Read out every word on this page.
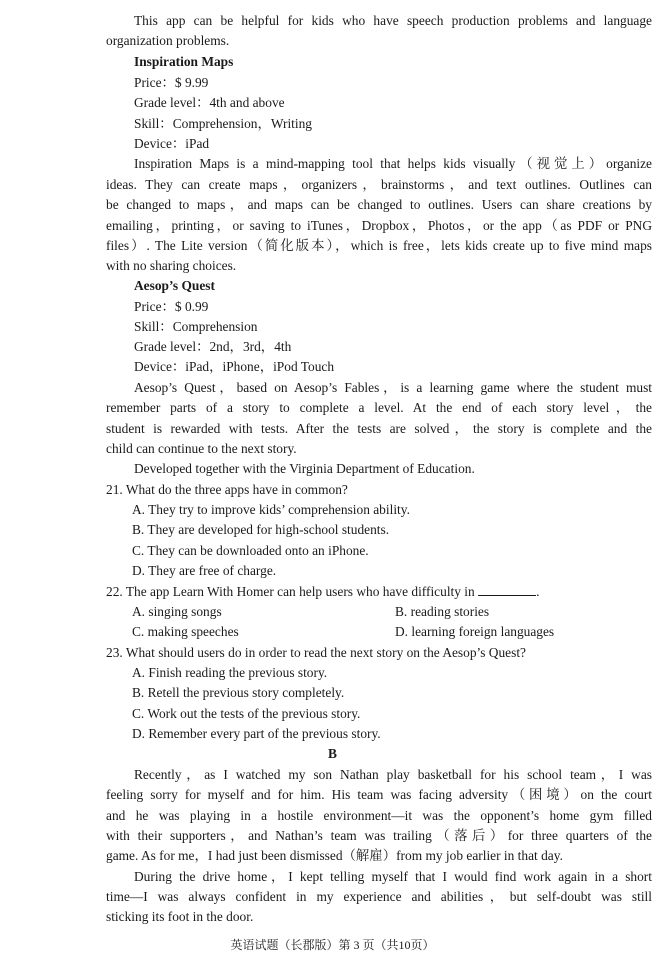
This app can be helpful for kids who have speech production problems and language
organization problems.
Inspiration Maps
Price：$ 9.99
Grade level：4th and above
Skill：Comprehension，Writing
Device：iPad
Inspiration Maps is a mind-mapping tool that helps kids visually（视觉上）organize
ideas. They can create maps，organizers，brainstorms，and text outlines. Outlines can
be changed to maps，and maps can be changed to outlines. Users can share creations by
emailing，printing，or saving to iTunes，Dropbox，Photos，or the app（as PDF or PNG
files）. The Lite version（简化版本），which is free，lets kids create up to five mind maps
with no sharing choices.
Aesop’s Quest
Price：$ 0.99
Skill：Comprehension
Grade level：2nd，3rd，4th
Device：iPad，iPhone，iPod Touch
Aesop’s Quest，based on Aesop’s Fables，is a learning game where the student must
remember parts of a story to complete a level. At the end of each story level，the
student is rewarded with tests. After the tests are solved，the story is complete and the
child can continue to the next story.
Developed together with the Virginia Department of Education.
21. What do the three apps have in common?
A. They try to improve kids’ comprehension ability.
B. They are developed for high-school students.
C. They can be downloaded onto an iPhone.
D. They are free of charge.
22. The app Learn With Homer can help users who have difficulty in	.
A. singing songs	B. reading stories
C. making speeches	D. learning foreign languages
23. What should users do in order to read the next story on the Aesop’s Quest?
A. Finish reading the previous story.
B. Retell the previous story completely.
C. Work out the tests of the previous story.
D. Remember every part of the previous story.
B
Recently，as I watched my son Nathan play basketball for his school team，I was
feeling sorry for myself and for him. His team was facing adversity（困境）on the court
and he was playing in a hostile environment—it was the opponent’s home gym filled
with their supporters，and Nathan’s team was trailing（落后）for three quarters of the
game. As for me，I had just been dismissed（解雇）from my job earlier in that day.
During the drive home，I kept telling myself that I would find work again in a short
time—I was always confident in my experience and abilities，but self-doubt was still
sticking its foot in the door.
英语试题（长郡版）第 3 页（共10页）
